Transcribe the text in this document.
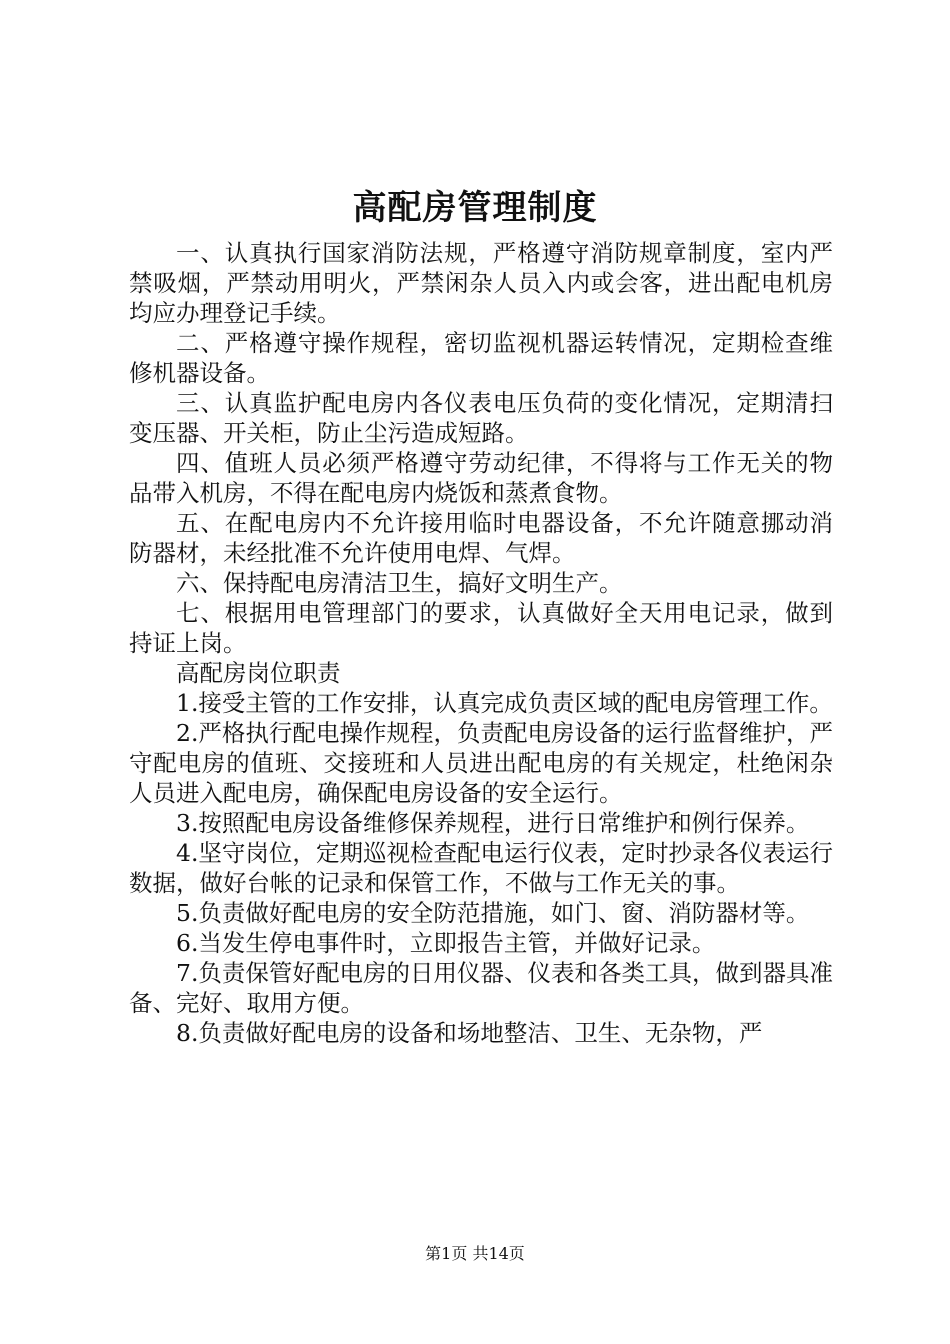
高配房管理制度

一、认真执行国家消防法规，严格遵守消防规章制度，室内严禁吸烟，严禁动用明火，严禁闲杂人员入内或会客，进出配电机房均应办理登记手续。

二、严格遵守操作规程，密切监视机器运转情况，定期检查维修机器设备。

三、认真监护配电房内各仪表电压负荷的变化情况，定期清扫变压器、开关柜，防止尘污造成短路。

四、值班人员必须严格遵守劳动纪律，不得将与工作无关的物品带入机房，不得在配电房内烧饭和蒸煮食物。

五、在配电房内不允许接用临时电器设备，不允许随意挪动消防器材，未经批准不允许使用电焊、气焊。

六、保持配电房清洁卫生，搞好文明生产。

七、根据用电管理部门的要求，认真做好全天用电记录，做到持证上岗。

高配房岗位职责

1.接受主管的工作安排，认真完成负责区域的配电房管理工作。

2.严格执行配电操作规程，负责配电房设备的运行监督维护，严守配电房的值班、交接班和人员进出配电房的有关规定，杜绝闲杂人员进入配电房，确保配电房设备的安全运行。

3.按照配电房设备维修保养规程，进行日常维护和例行保养。

4.坚守岗位，定期巡视检查配电运行仪表，定时抄录各仪表运行数据，做好台帐的记录和保管工作，不做与工作无关的事。

5.负责做好配电房的安全防范措施，如门、窗、消防器材等。

6.当发生停电事件时，立即报告主管，并做好记录。

7.负责保管好配电房的日用仪器、仪表和各类工具，做到器具准备、完好、取用方便。

8.负责做好配电房的设备和场地整洁、卫生、无杂物，严

第1页 共14页
